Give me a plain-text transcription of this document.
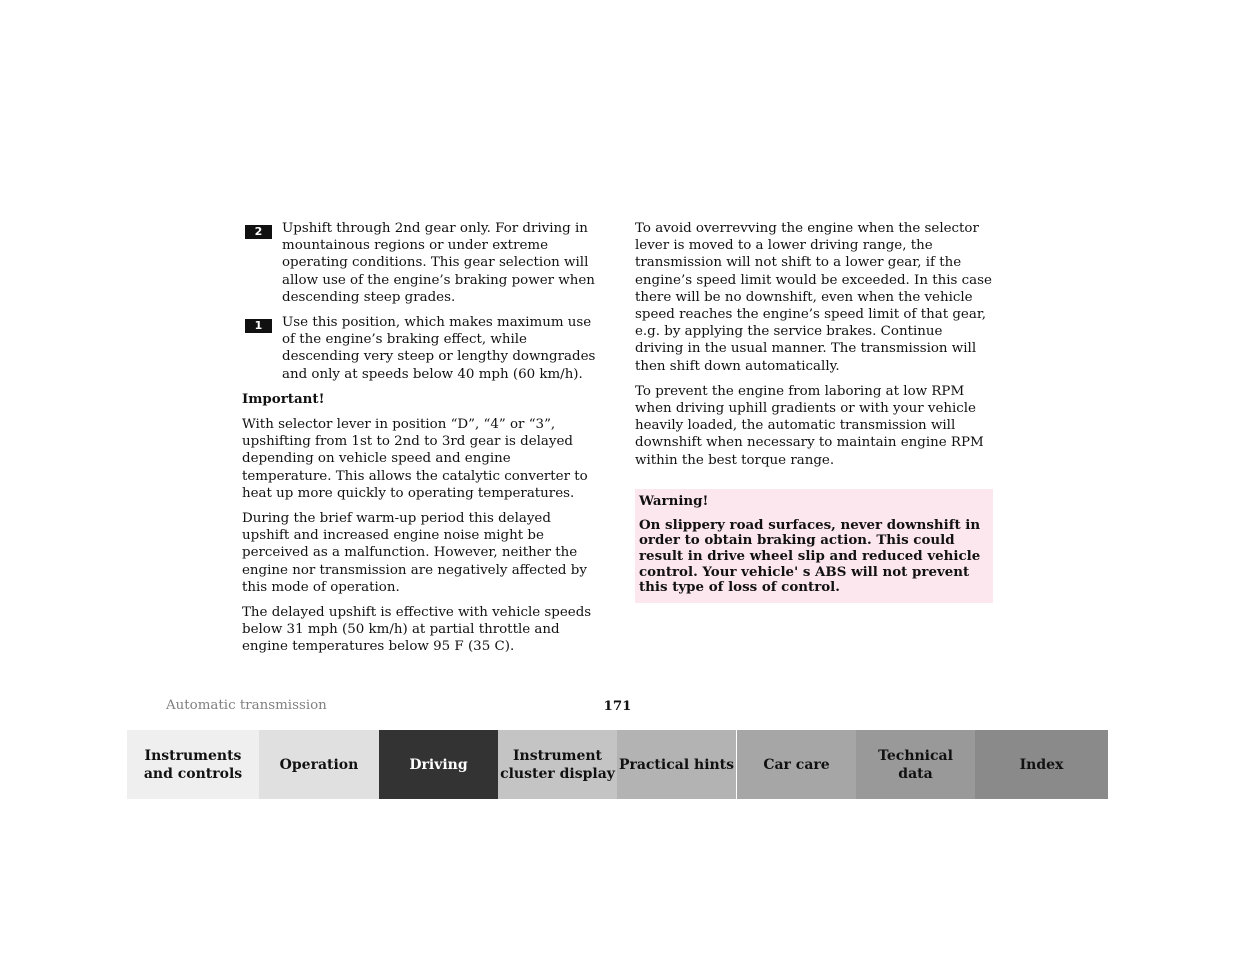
2	Upshift through 2nd gear only. For driving in mountainous regions or under extreme operating conditions. This gear selection will allow use of the engine’s braking power when descending steep grades.
1	Use this position, which makes maximum use of the engine’s braking effect, while descending very steep or lengthy downgrades and only at speeds below 40 mph (60 km/h).

Important!

With selector lever in position “D”, “4” or “3”, upshifting from 1st to 2nd to 3rd gear is delayed depending on vehicle speed and engine temperature. This allows the catalytic converter to heat up more quickly to operating temperatures.

During the brief warm-up period this delayed upshift and increased engine noise might be perceived as a malfunction. However, neither the engine nor transmission are negatively affected by this mode of operation.

The delayed upshift is effective with vehicle speeds below 31 mph (50 km/h) at partial throttle and engine temperatures below 95 F (35 C).

To avoid overrevving the engine when the selector lever is moved to a lower driving range, the transmission will not shift to a lower gear, if the engine’s speed limit would be exceeded. In this case there will be no downshift, even when the vehicle speed reaches the engine’s speed limit of that gear, e.g. by applying the service brakes. Continue driving in the usual manner. The transmission will then shift down automatically.

To prevent the engine from laboring at low RPM when driving uphill gradients or with your vehicle heavily loaded, the automatic transmission will downshift when necessary to maintain engine RPM within the best torque range.

Warning!
On slippery road surfaces, never downshift in order to obtain braking action. This could result in drive wheel slip and reduced vehicle control. Your vehicle' s ABS will not prevent this type of loss of control.
Automatic transmission	171
Instruments
and controls
Operation	Driving
Instrument
cluster display
Practical hints Car care
Technical
data
Index
